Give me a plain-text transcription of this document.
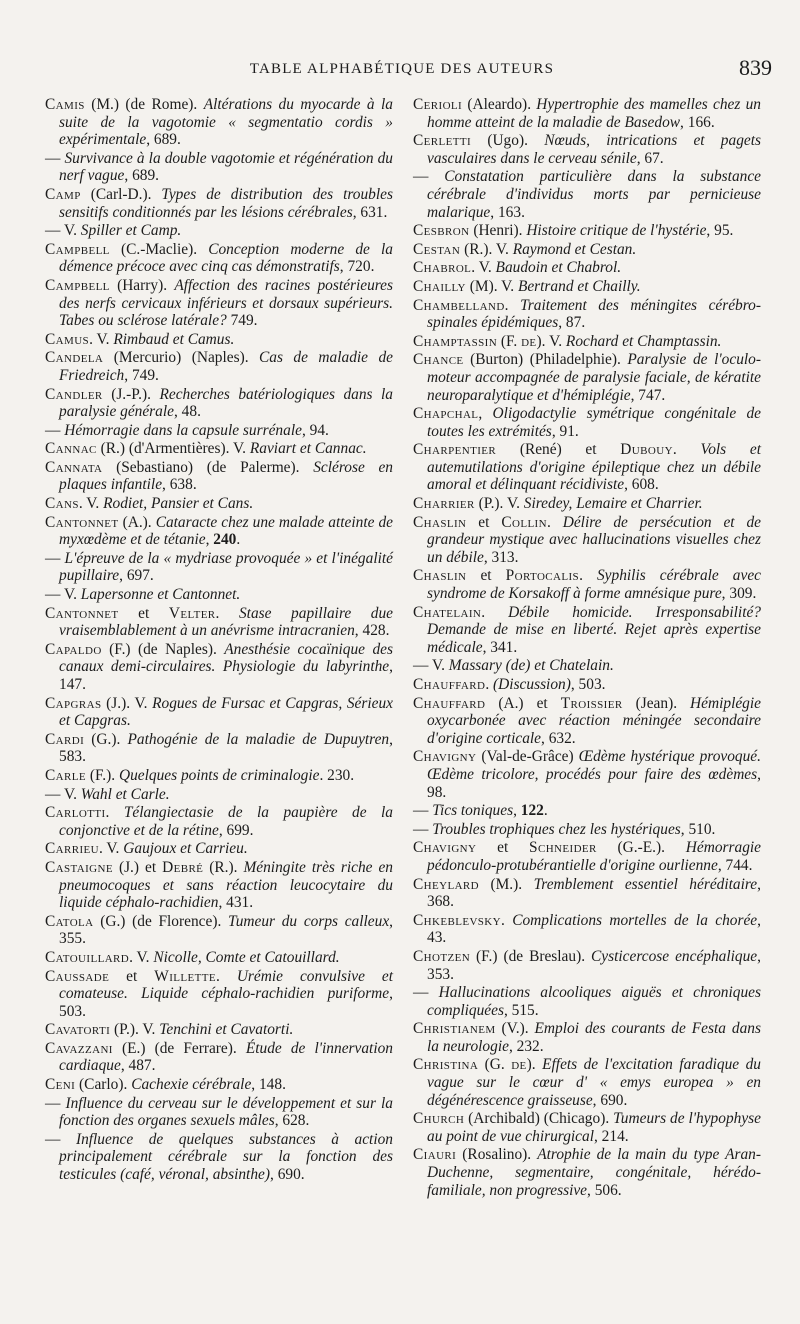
TABLE ALPHABÉTIQUE DES AUTEURS	839
Camis (M.) (de Rome). Altérations du myocarde à la suite de la vagotomie « segmentatio cordis » expérimentale, 689.
— Survivance à la double vagotomie et régénération du nerf vague, 689.
Camp (Carl-D.). Types de distribution des troubles sensitifs conditionnés par les lésions cérébrales, 631.
— V. Spiller et Camp.
Campbell (C.-Maclie). Conception moderne de la démence précoce avec cinq cas démonstratifs, 720.
Campbell (Harry). Affection des racines postérieures des nerfs cervicaux inférieurs et dorsaux supérieurs. Tabes ou sclérose latérale? 749.
Camus. V. Rimbaud et Camus.
Candela (Mercurio) (Naples). Cas de maladie de Friedreich, 749.
Candler (J.-P.). Recherches batériologiques dans la paralysie générale, 48.
— Hémorragie dans la capsule surrénale, 94.
Cannac (R.) (d'Armentières). V. Raviart et Cannac.
Cannata (Sebastiano) (de Palerme). Sclérose en plaques infantile, 638.
Cans. V. Rodiet, Pansier et Cans.
Cantonnet (A.). Cataracte chez une malade atteinte de myxœdème et de tétanie, 240.
— L'épreuve de la « mydriase provoquée » et l'inégalité pupillaire, 697.
— V. Lapersonne et Cantonnet.
Cantonnet et Velter. Stase papillaire due vraisemblablement à un anévrisme intracranien, 428.
Capaldo (F.) (de Naples). Anesthésie cocaïnique des canaux demi-circulaires. Physiologie du labyrinthe, 147.
Capgras (J.). V. Rogues de Fursac et Capgras, Sérieux et Capgras.
Cardi (G.). Pathogénie de la maladie de Dupuytren, 583.
Carle (F.). Quelques points de criminalogie. 230.
— V. Wahl et Carle.
Carlotti. Télangiectasie de la paupière de la conjonctive et de la rétine, 699.
Carrieu. V. Gaujoux et Carrieu.
Castaigne (J.) et Debré (R.). Méningite très riche en pneumocoques et sans réaction leucocytaire du liquide céphalo-rachidien, 431.
Catola (G.) (de Florence). Tumeur du corps calleux, 355.
Catouillard. V. Nicolle, Comte et Catouillard.
Caussade et Willette. Urémie convulsive et comateuse. Liquide céphalo-rachidien puriforme, 503.
Cavatorti (P.). V. Tenchini et Cavatorti.
Cavazzani (E.) (de Ferrare). Étude de l'innervation cardiaque, 487.
Ceni (Carlo). Cachexie cérébrale, 148.
— Influence du cerveau sur le développement et sur la fonction des organes sexuels mâles, 628.
— Influence de quelques substances à action principalement cérébrale sur la fonction des testicules (café, véronal, absinthe), 690.
Cerioli (Aleardo). Hypertrophie des mamelles chez un homme atteint de la maladie de Basedow, 166.
Cerletti (Ugo). Nœuds, intrications et pagets vasculaires dans le cerveau sénile, 67.
— Constatation particulière dans la substance cérébrale d'individus morts par pernicieuse malarique, 163.
Cesbron (Henri). Histoire critique de l'hystérie, 95.
Cestan (R.). V. Raymond et Cestan.
Chabrol. V. Baudoin et Chabrol.
Chailly (M). V. Bertrand et Chailly.
Chambelland. Traitement des méningites cérébro-spinales épidémiques, 87.
Champtassin (F. de). V. Rochard et Champtassin.
Chance (Burton) (Philadelphie). Paralysie de l'oculo-moteur accompagnée de paralysie faciale, de kératite neuroparalytique et d'hémiplégie, 747.
Chapchal, Oligodactylie symétrique congénitale de toutes les extrémités, 91.
Charpentier (René) et Dubouy. Vols et autemutilations d'origine épileptique chez un débile amoral et délinquant récidiviste, 608.
Charrier (P.). V. Siredey, Lemaire et Charrier.
Chaslin et Collin. Délire de persécution et de grandeur mystique avec hallucinations visuelles chez un débile, 313.
Chaslin et Portocalis. Syphilis cérébrale avec syndrome de Korsakoff à forme amnésique pure, 309.
Chatelain. Débile homicide. Irresponsabilité? Demande de mise en liberté. Rejet après expertise médicale, 341.
— V. Massary (de) et Chatelain.
Chauffard. (Discussion), 503.
Chauffard (A.) et Troissier (Jean). Hémiplégie oxycarbonée avec réaction méningée secondaire d'origine corticale, 632.
Chavigny (Val-de-Grâce) Œdème hystérique provoqué. Œdème tricolore, procédés pour faire des œdèmes, 98.
— Tics toniques, 122.
— Troubles trophiques chez les hystériques, 510.
Chavigny et Schneider (G.-E.). Hémorragie pédonculo-protubérantielle d'origine ourlienne, 744.
Cheylard (M.). Tremblement essentiel héréditaire, 368.
Chkeblevsky. Complications mortelles de la chorée, 43.
Chotzen (F.) (de Breslau). Cysticercose encéphalique, 353.
— Hallucinations alcooliques aiguës et chroniques compliquées, 515.
Christianem (V.). Emploi des courants de Festa dans la neurologie, 232.
Christina (G. de). Effets de l'excitation faradique du vague sur le cœur d' « emys europea » en dégénérescence graisseuse, 690.
Church (Archibald) (Chicago). Tumeurs de l'hypophyse au point de vue chirurgical, 214.
Ciauri (Rosalino). Atrophie de la main du type Aran-Duchenne, segmentaire, congénitale, hérédo-familiale, non progressive, 506.
